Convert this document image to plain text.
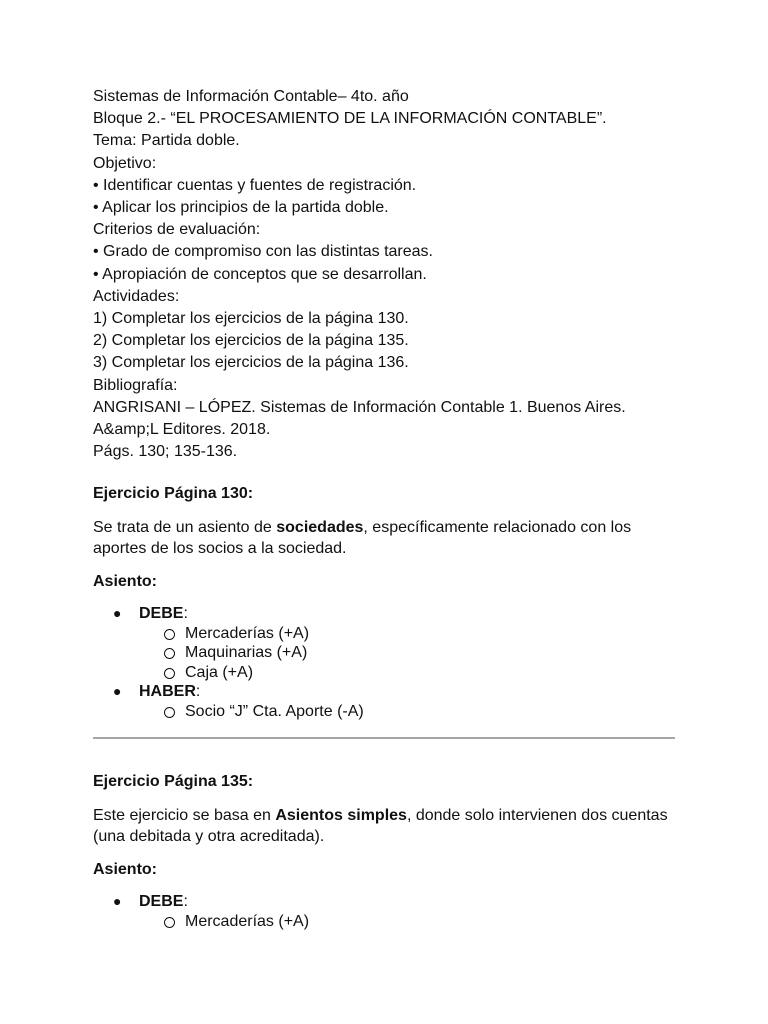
Sistemas de Información Contable– 4to. año
Bloque 2.- “EL PROCESAMIENTO DE LA INFORMACIÓN CONTABLE”.
Tema: Partida doble.
Objetivo:
• Identificar cuentas y fuentes de registración.
• Aplicar los principios de la partida doble.
Criterios de evaluación:
• Grado de compromiso con las distintas tareas.
• Apropiación de conceptos que se desarrollan.
Actividades:
1) Completar los ejercicios de la página 130.
2) Completar los ejercicios de la página 135.
3) Completar los ejercicios de la página 136.
Bibliografía:
ANGRISANI – LÓPEZ. Sistemas de Información Contable 1. Buenos Aires. A&amp;L Editores. 2018.
Págs. 130; 135-136.
Ejercicio Página 130:

Se trata de un asiento de sociedades, específicamente relacionado con los aportes de los socios a la sociedad.

Asiento:
● DEBE:
Mercaderías (+A)
Maquinarias (+A)
Caja (+A)
● HABER:
Socio “J” Cta. Aporte (-A)
Ejercicio Página 135:

Este ejercicio se basa en Asientos simples, donde solo intervienen dos cuentas (una debitada y otra acreditada).

Asiento:
● DEBE:
Mercaderías (+A)
